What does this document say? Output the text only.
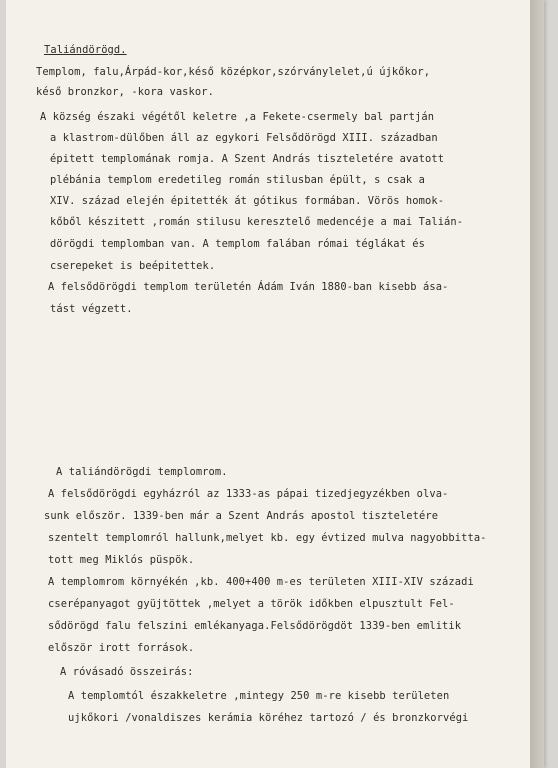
Taliándörögd.
Templom, falu,Árpád-kor,késő középkor,szórványlelet,ú újkőkor,
késő bronzkor, -kora vaskor.
A község északi végétől keletre ,a Fekete-csermely bal partján
a klastrom-dülőben áll az egykori Felsődörögd XIII. században
épitett templomának romja. A Szent András tiszteletére avatott
plébánia templom eredetileg román stilusban épült, s csak a
XIV. század elején épitették át gótikus formában. Vörös homok-
kőből készitett ,román stilusu keresztelő medencéje a mai Talián-
dörögdi templomban van. A templom falában római téglákat és
cserepeket is beépitettek.
A felsődörögdi templom területén Ádám Iván 1880-ban kisebb ása-
tást végzett.
A taliándörögdi templomrom.
A felsődörögdi egyházról az 1333-as pápai tizedjegyzékben olva-
sunk először. 1339-ben már a Szent András apostol tiszteletére
szentelt templomról hallunk,melyet kb. egy évtized mulva nagyobbitta-
tott meg Miklós püspök.
A templomrom környékén ,kb. 400+400 m-es területen XIII-XIV századi
cserépanyagot gyüjtöttek ,melyet a török időkben elpusztult Fel-
sődörögd falu felszini emlékanyaga.Felsődörögdöt 1339-ben emlitik
először irott források.
A róvásadó összeirás:
A templomtól északkeletre ,mintegy 250 m-re kisebb területen
ujkőkori /vonaldiszes kerámia köréhez tartozó / és bronzkorvégi
